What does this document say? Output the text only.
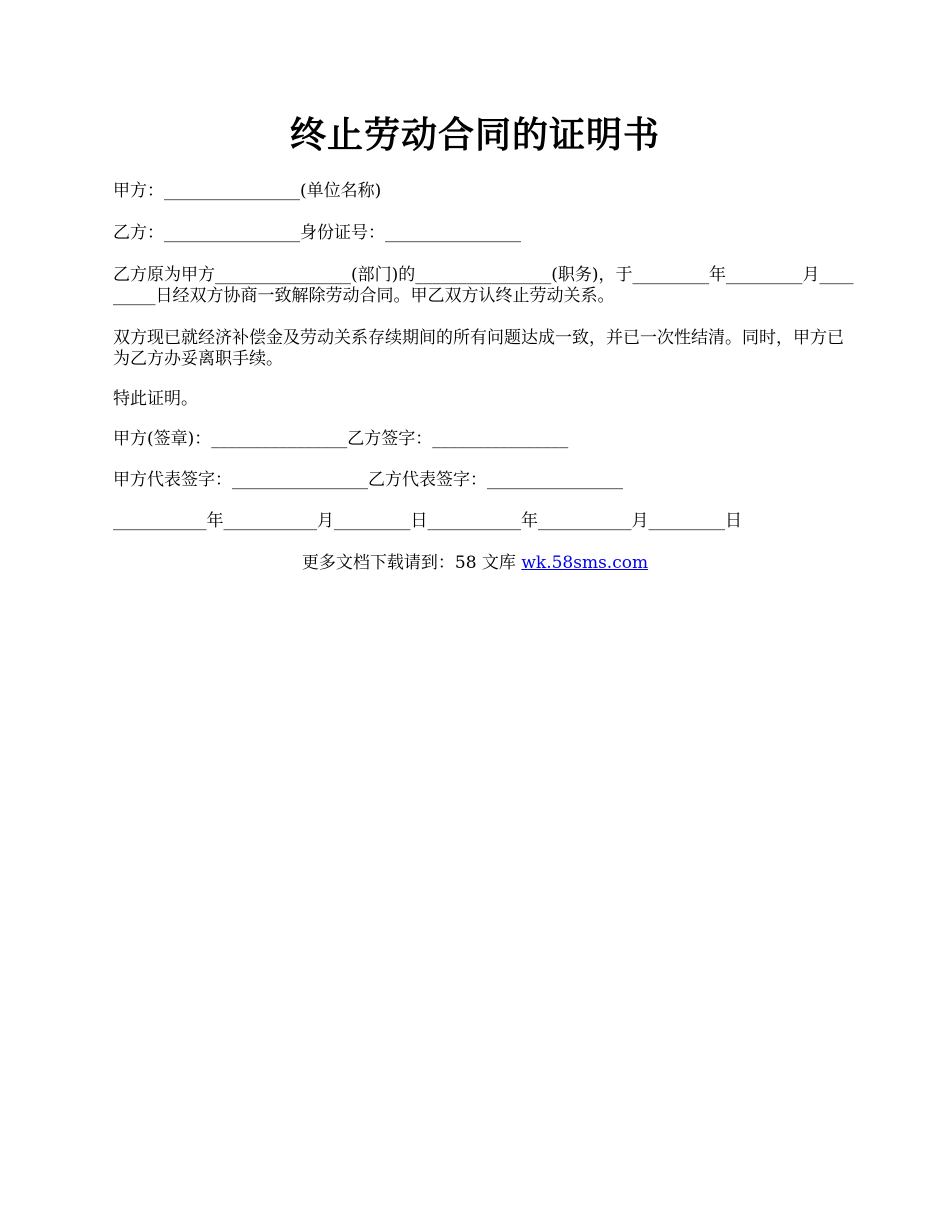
终止劳动合同的证明书
甲方：________________(单位名称)
乙方：________________身份证号：________________
乙方原为甲方________________(部门)的________________(职务)，于_________年_________月_________日经双方协商一致解除劳动合同。甲乙双方认终止劳动关系。
双方现已就经济补偿金及劳动关系存续期间的所有问题达成一致，并已一次性结清。同时，甲方已为乙方办妥离职手续。
特此证明。
甲方(签章)：________________乙方签字：________________
甲方代表签字：________________乙方代表签字：________________
___________年___________月_________日___________年___________月_________日
更多文档下载请到：58 文库 wk.58sms.com
